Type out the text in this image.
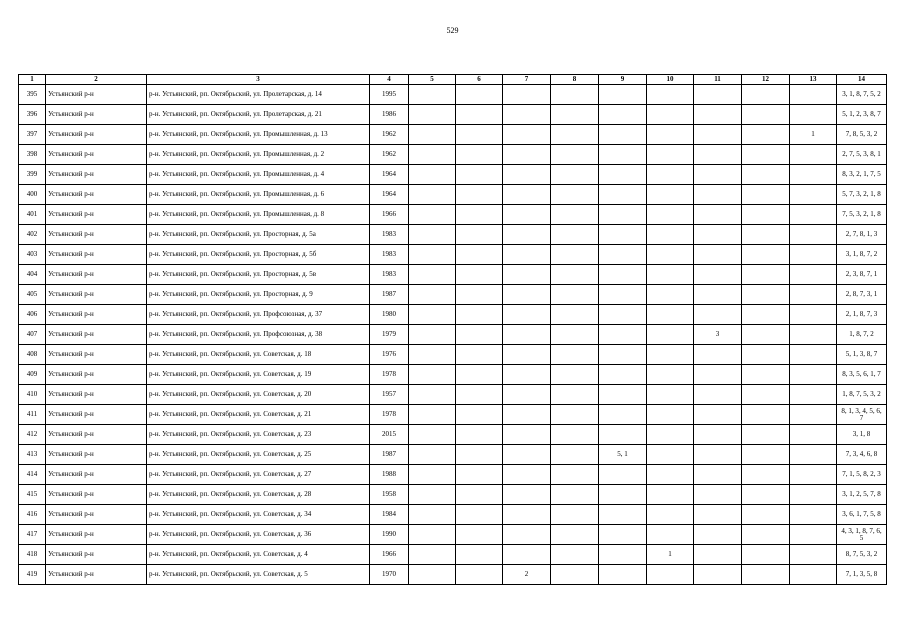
529
1	2	3	4	5	6	7	8	9	10	11	12	13	14
395	Устьянский р-н	р-н. Устьянский, рп. Октябрьский, ул. Пролетарская, д. 14	1995										3, 1, 8, 7, 5, 2
396	Устьянский р-н	р-н. Устьянский, рп. Октябрьский, ул. Пролетарская, д. 21	1986										5, 1, 2, 3, 8, 7
397	Устьянский р-н	р-н. Устьянский, рп. Октябрьский, ул. Промышленная, д. 13	1962									1	7, 8, 5, 3, 2
398	Устьянский р-н	р-н. Устьянский, рп. Октябрьский, ул. Промышленная, д. 2	1962										2, 7, 5, 3, 8, 1
399	Устьянский р-н	р-н. Устьянский, рп. Октябрьский, ул. Промышленная, д. 4	1964										8, 3, 2, 1, 7, 5
400	Устьянский р-н	р-н. Устьянский, рп. Октябрьский, ул. Промышленная, д. 6	1964										5, 7, 3, 2, 1, 8
401	Устьянский р-н	р-н. Устьянский, рп. Октябрьский, ул. Промышленная, д. 8	1966										7, 5, 3, 2, 1, 8
402	Устьянский р-н	р-н. Устьянский, рп. Октябрьский, ул. Просторная, д. 5а	1983										2, 7, 8, 1, 3
403	Устьянский р-н	р-н. Устьянский, рп. Октябрьский, ул. Просторная, д. 5б	1983										3, 1, 8, 7, 2
404	Устьянский р-н	р-н. Устьянский, рп. Октябрьский, ул. Просторная, д. 5в	1983										2, 3, 8, 7, 1
405	Устьянский р-н	р-н. Устьянский, рп. Октябрьский, ул. Просторная, д. 9	1987										2, 8, 7, 3, 1
406	Устьянский р-н	р-н. Устьянский, рп. Октябрьский, ул. Профсоюзная, д. 37	1980										2, 1, 8, 7, 3
407	Устьянский р-н	р-н. Устьянский, рп. Октябрьский, ул. Профсоюзная, д. 38	1979							3			1, 8, 7, 2
408	Устьянский р-н	р-н. Устьянский, рп. Октябрьский, ул. Советская, д. 18	1976										5, 1, 3, 8, 7
409	Устьянский р-н	р-н. Устьянский, рп. Октябрьский, ул. Советская, д. 19	1978										8, 3, 5, 6, 1, 7
410	Устьянский р-н	р-н. Устьянский, рп. Октябрьский, ул. Советская, д. 20	1957										1, 8, 7, 5, 3, 2
411	Устьянский р-н	р-н. Устьянский, рп. Октябрьский, ул. Советская, д. 21	1978										8, 1, 3, 4, 5, 6, 7
412	Устьянский р-н	р-н. Устьянский, рп. Октябрьский, ул. Советская, д. 23	2015										3, 1, 8
413	Устьянский р-н	р-н. Устьянский, рп. Октябрьский, ул. Советская, д. 25	1987					5, 1					7, 3, 4, 6, 8
414	Устьянский р-н	р-н. Устьянский, рп. Октябрьский, ул. Советская, д. 27	1988										7, 1, 5, 8, 2, 3
415	Устьянский р-н	р-н. Устьянский, рп. Октябрьский, ул. Советская, д. 28	1958										3, 1, 2, 5, 7, 8
416	Устьянский р-н	р-н. Устьянский, рп. Октябрьский, ул. Советская, д. 34	1984										3, 6, 1, 7, 5, 8
417	Устьянский р-н	р-н. Устьянский, рп. Октябрьский, ул. Советская, д. 36	1990										4, 3, 1, 8, 7, 6, 5
418	Устьянский р-н	р-н. Устьянский, рп. Октябрьский, ул. Советская, д. 4	1966						1				8, 7, 5, 3, 2
419	Устьянский р-н	р-н. Устьянский, рп. Октябрьский, ул. Советская, д. 5	1970			2							7, 1, 3, 5, 8
